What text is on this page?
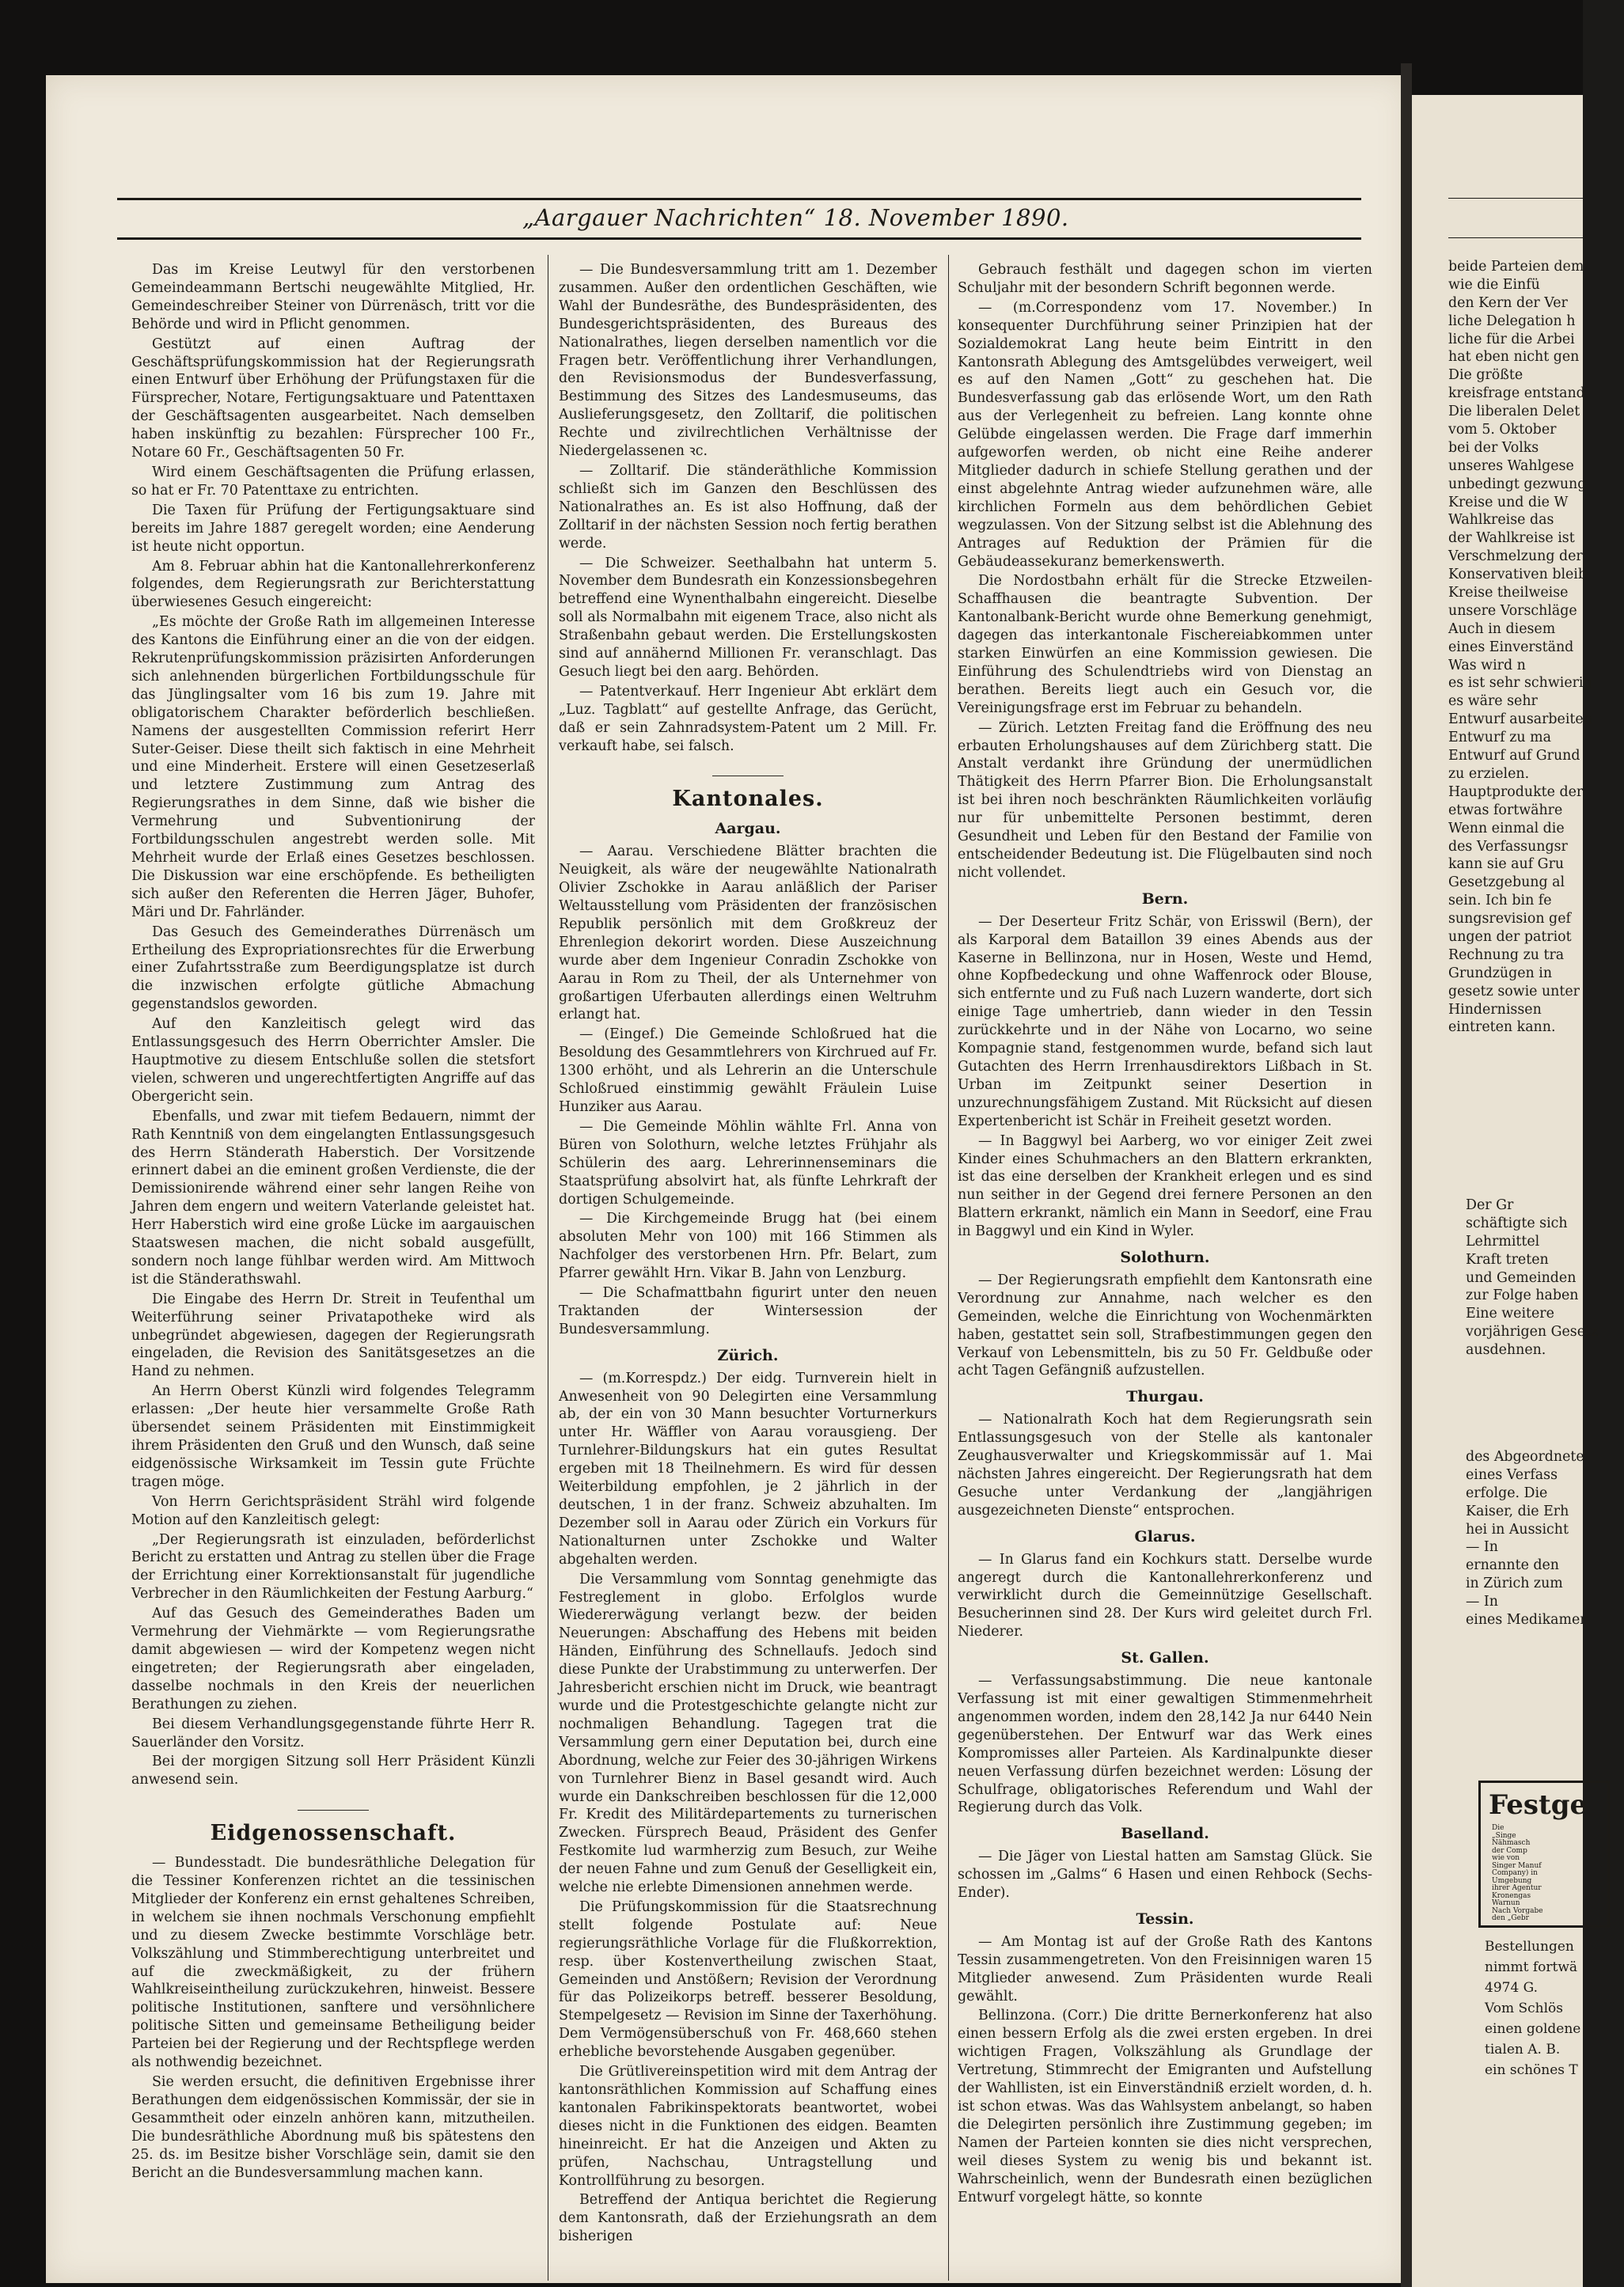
„Aargauer Nachrichten“ 18. November 1890.

Das im Kreise Leutwyl für den verstorbenen Gemeindeammann Bertschi neugewählte Mitglied, Hr. Gemeindeschreiber Steiner von Dürrenäsch, tritt vor die Behörde und wird in Pflicht genommen.

Gestützt auf einen Auftrag der Geschäftsprüfungskommission hat der Regierungsrath einen Entwurf über Erhöhung der Prüfungstaxen für die Fürsprecher, Notare, Fertigungsaktuare und Patenttaxen der Geschäftsagenten ausgearbeitet. Nach demselben haben inskünftig zu bezahlen: Fürsprecher 100 Fr., Notare 60 Fr., Geschäftsagenten 50 Fr.

Wird einem Geschäftsagenten die Prüfung erlassen, so hat er Fr. 70 Patenttaxe zu entrichten.

Die Taxen für Prüfung der Fertigungsaktuare sind bereits im Jahre 1887 geregelt worden; eine Aenderung ist heute nicht opportun.

Am 8. Februar abhin hat die Kantonallehrerkonferenz folgendes, dem Regierungsrath zur Berichterstattung überwiesenes Gesuch eingereicht:

„Es möchte der Große Rath im allgemeinen Interesse des Kantons die Einführung einer an die von der eidgen. Rekrutenprüfungskommission präzisirten Anforderungen sich anlehnenden bürgerlichen Fortbildungsschule für das Jünglingsalter vom 16 bis zum 19. Jahre mit obligatorischem Charakter beförderlich beschließen. Namens der ausgestellten Commission referirt Herr Suter-Geiser. Diese theilt sich faktisch in eine Mehrheit und eine Minderheit. Erstere will einen Gesetzeserlaß und letztere Zustimmung zum Antrag des Regierungsrathes in dem Sinne, daß wie bisher die Vermehrung und Subventionirung der Fortbildungsschulen angestrebt werden solle. Mit Mehrheit wurde der Erlaß eines Gesetzes beschlossen. Die Diskussion war eine erschöpfende. Es betheiligten sich außer den Referenten die Herren Jäger, Buhofer, Märi und Dr. Fahrländer.

Das Gesuch des Gemeinderathes Dürrenäsch um Ertheilung des Expropriationsrechtes für die Erwerbung einer Zufahrtsstraße zum Beerdigungsplatze ist durch die inzwischen erfolgte gütliche Abmachung gegenstandslos geworden.

Auf den Kanzleitisch gelegt wird das Entlassungsgesuch des Herrn Oberrichter Amsler. Die Hauptmotive zu diesem Entschluße sollen die stetsfort vielen, schweren und ungerechtfertigten Angriffe auf das Obergericht sein.

Ebenfalls, und zwar mit tiefem Bedauern, nimmt der Rath Kenntniß von dem eingelangten Entlassungsgesuch des Herrn Ständerath Haberstich. Der Vorsitzende erinnert dabei an die eminent großen Verdienste, die der Demissionirende während einer sehr langen Reihe von Jahren dem engern und weitern Vaterlande geleistet hat. Herr Haberstich wird eine große Lücke im aargauischen Staatswesen machen, die nicht sobald ausgefüllt, sondern noch lange fühlbar werden wird. Am Mittwoch ist die Ständerathswahl.

Die Eingabe des Herrn Dr. Streit in Teufenthal um Weiterführung seiner Privatapotheke wird als unbegründet abgewiesen, dagegen der Regierungsrath eingeladen, die Revision des Sanitätsgesetzes an die Hand zu nehmen.

An Herrn Oberst Künzli wird folgendes Telegramm erlassen: „Der heute hier versammelte Große Rath übersendet seinem Präsidenten mit Einstimmigkeit ihrem Präsidenten den Gruß und den Wunsch, daß seine eidgenössische Wirksamkeit im Tessin gute Früchte tragen möge.

Von Herrn Gerichtspräsident Strähl wird folgende Motion auf den Kanzleitisch gelegt:

„Der Regierungsrath ist einzuladen, beförderlichst Bericht zu erstatten und Antrag zu stellen über die Frage der Errichtung einer Korrektionsanstalt für jugendliche Verbrecher in den Räumlichkeiten der Festung Aarburg.“

Auf das Gesuch des Gemeinderathes Baden um Vermehrung der Viehmärkte — vom Regierungsrathe damit abgewiesen — wird der Kompetenz wegen nicht eingetreten; der Regierungsrath aber eingeladen, dasselbe nochmals in den Kreis der neuerlichen Berathungen zu ziehen.

Bei diesem Verhandlungsgegenstande führte Herr R. Sauerländer den Vorsitz.

Bei der morgigen Sitzung soll Herr Präsident Künzli anwesend sein.

Eidgenossenschaft.

— Bundesstadt. Die bundesräthliche Delegation für die Tessiner Konferenzen richtet an die tessinischen Mitglieder der Konferenz ein ernst gehaltenes Schreiben, in welchem sie ihnen nochmals Verschonung empfiehlt und zu diesem Zwecke bestimmte Vorschläge betr. Volkszählung und Stimmberechtigung unterbreitet und auf die zweckmäßigkeit, zu der frühern Wahlkreiseintheilung zurückzukehren, hinweist. Bessere politische Institutionen, sanftere und versöhnlichere politische Sitten und gemeinsame Betheiligung beider Parteien bei der Regierung und der Rechtspflege werden als nothwendig bezeichnet.

Sie werden ersucht, die definitiven Ergebnisse ihrer Berathungen dem eidgenössischen Kommissär, der sie in Gesammtheit oder einzeln anhören kann, mitzutheilen. Die bundesräthliche Abordnung muß bis spätestens den 25. ds. im Besitze bisher Vorschläge sein, damit sie den Bericht an die Bundesversammlung machen kann.

— Die Bundesversammlung tritt am 1. Dezember zusammen. Außer den ordentlichen Geschäften, wie Wahl der Bundesräthe, des Bundespräsidenten, des Bundesgerichtspräsidenten, des Bureaus des Nationalrathes, liegen derselben namentlich vor die Fragen betr. Veröffentlichung ihrer Verhandlungen, den Revisionsmodus der Bundesverfassung, Bestimmung des Sitzes des Landesmuseums, das Auslieferungsgesetz, den Zolltarif, die politischen Rechte und zivilrechtlichen Verhältnisse der Niedergelassenen ꝛc.

— Zolltarif. Die ständeräthliche Kommission schließt sich im Ganzen den Beschlüssen des Nationalrathes an. Es ist also Hoffnung, daß der Zolltarif in der nächsten Session noch fertig berathen werde.

— Die Schweizer. Seethalbahn hat unterm 5. November dem Bundesrath ein Konzessionsbegehren betreffend eine Wynenthalbahn eingereicht. Dieselbe soll als Normalbahn mit eigenem Trace, also nicht als Straßenbahn gebaut werden. Die Erstellungskosten sind auf annähernd Millionen Fr. veranschlagt. Das Gesuch liegt bei den aarg. Behörden.

— Patentverkauf. Herr Ingenieur Abt erklärt dem „Luz. Tagblatt“ auf gestellte Anfrage, das Gerücht, daß er sein Zahnradsystem-Patent um 2 Mill. Fr. verkauft habe, sei falsch.

Kantonales.
Aargau.

— Aarau. Verschiedene Blätter brachten die Neuigkeit, als wäre der neugewählte Nationalrath Olivier Zschokke in Aarau anläßlich der Pariser Weltausstellung vom Präsidenten der französischen Republik persönlich mit dem Großkreuz der Ehrenlegion dekorirt worden. Diese Auszeichnung wurde aber dem Ingenieur Conradin Zschokke von Aarau in Rom zu Theil, der als Unternehmer von großartigen Uferbauten allerdings einen Weltruhm erlangt hat.

— (Eingef.) Die Gemeinde Schloßrued hat die Besoldung des Gesammtlehrers von Kirchrued auf Fr. 1300 erhöht, und als Lehrerin an die Unterschule Schloßrued einstimmig gewählt Fräulein Luise Hunziker aus Aarau.

— Die Gemeinde Möhlin wählte Frl. Anna von Büren von Solothurn, welche letztes Frühjahr als Schülerin des aarg. Lehrerinnenseminars die Staatsprüfung absolvirt hat, als fünfte Lehrkraft der dortigen Schulgemeinde.

— Die Kirchgemeinde Brugg hat (bei einem absoluten Mehr von 100) mit 166 Stimmen als Nachfolger des verstorbenen Hrn. Pfr. Belart, zum Pfarrer gewählt Hrn. Vikar B. Jahn von Lenzburg.

— Die Schafmattbahn figurirt unter den neuen Traktanden der Wintersession der Bundesversammlung.

Zürich.

— (m.Korrespdz.) Der eidg. Turnverein hielt in Anwesenheit von 90 Delegirten eine Versammlung ab, der ein von 30 Mann besuchter Vorturnerkurs unter Hr. Wäffler von Aarau vorausgieng. Der Turnlehrer-Bildungskurs hat ein gutes Resultat ergeben mit 18 Theilnehmern. Es wird für dessen Weiterbildung empfohlen, je 2 jährlich in der deutschen, 1 in der franz. Schweiz abzuhalten. Im Dezember soll in Aarau oder Zürich ein Vorkurs für Nationalturnen unter Zschokke und Walter abgehalten werden.

Die Versammlung vom Sonntag genehmigte das Festreglement in globo. Erfolglos wurde Wiedererwägung verlangt bezw. der beiden Neuerungen: Abschaffung des Hebens mit beiden Händen, Einführung des Schnellaufs. Jedoch sind diese Punkte der Urabstimmung zu unterwerfen. Der Jahresbericht erschien nicht im Druck, wie beantragt wurde und die Protestgeschichte gelangte nicht zur nochmaligen Behandlung. Tagegen trat die Versammlung gern einer Deputation bei, durch eine Abordnung, welche zur Feier des 30-jährigen Wirkens von Turnlehrer Bienz in Basel gesandt wird. Auch wurde ein Dankschreiben beschlossen für die 12,000 Fr. Kredit des Militärdepartements zu turnerischen Zwecken. Fürsprech Beaud, Präsident des Genfer Festkomite lud warmherzig zum Besuch, zur Weihe der neuen Fahne und zum Genuß der Geselligkeit ein, welche nie erlebte Dimensionen annehmen werde.

Die Prüfungskommission für die Staatsrechnung stellt folgende Postulate auf: Neue regierungsräthliche Vorlage für die Flußkorrektion, resp. über Kostenvertheilung zwischen Staat, Gemeinden und Anstößern; Revision der Verordnung für das Polizeikorps betreff. besserer Besoldung, Stempelgesetz — Revision im Sinne der Taxerhöhung. Dem Vermögensüberschuß von Fr. 468,660 stehen erhebliche bevorstehende Ausgaben gegenüber.

Die Grütlivereinspetition wird mit dem Antrag der kantonsräthlichen Kommission auf Schaffung eines kantonalen Fabrikinspektorats beantwortet, wobei dieses nicht in die Funktionen des eidgen. Beamten hineinreicht. Er hat die Anzeigen und Akten zu prüfen, Nachschau, Untragstellung und Kontrollführung zu besorgen.

Betreffend der Antiqua berichtet die Regierung dem Kantonsrath, daß der Erziehungsrath an dem bisherigen

Gebrauch festhält und dagegen schon im vierten Schuljahr mit der besondern Schrift begonnen werde.

— (m.Correspondenz vom 17. November.) In konsequenter Durchführung seiner Prinzipien hat der Sozialdemokrat Lang heute beim Eintritt in den Kantonsrath Ablegung des Amtsgelübdes verweigert, weil es auf den Namen „Gott“ zu geschehen hat. Die Bundesverfassung gab das erlösende Wort, um den Rath aus der Verlegenheit zu befreien. Lang konnte ohne Gelübde eingelassen werden. Die Frage darf immerhin aufgeworfen werden, ob nicht eine Reihe anderer Mitglieder dadurch in schiefe Stellung gerathen und der einst abgelehnte Antrag wieder aufzunehmen wäre, alle kirchlichen Formeln aus dem behördlichen Gebiet wegzulassen. Von der Sitzung selbst ist die Ablehnung des Antrages auf Reduktion der Prämien für die Gebäudeassekuranz bemerkenswerth.

Die Nordostbahn erhält für die Strecke Etzweilen-Schaffhausen die beantragte Subvention. Der Kantonalbank-Bericht wurde ohne Bemerkung genehmigt, dagegen das interkantonale Fischereiabkommen unter starken Einwürfen an eine Kommission gewiesen. Die Einführung des Schulendtriebs wird von Dienstag an berathen. Bereits liegt auch ein Gesuch vor, die Vereinigungsfrage erst im Februar zu behandeln.

— Zürich. Letzten Freitag fand die Eröffnung des neu erbauten Erholungshauses auf dem Zürichberg statt. Die Anstalt verdankt ihre Gründung der unermüdlichen Thätigkeit des Herrn Pfarrer Bion. Die Erholungsanstalt ist bei ihren noch beschränkten Räumlichkeiten vorläufig nur für unbemittelte Personen bestimmt, deren Gesundheit und Leben für den Bestand der Familie von entscheidender Bedeutung ist. Die Flügelbauten sind noch nicht vollendet.

Bern.

— Der Deserteur Fritz Schär, von Erisswil (Bern), der als Karporal dem Bataillon 39 eines Abends aus der Kaserne in Bellinzona, nur in Hosen, Weste und Hemd, ohne Kopfbedeckung und ohne Waffenrock oder Blouse, sich entfernte und zu Fuß nach Luzern wanderte, dort sich einige Tage umhertrieb, dann wieder in den Tessin zurückkehrte und in der Nähe von Locarno, wo seine Kompagnie stand, festgenommen wurde, befand sich laut Gutachten des Herrn Irrenhausdirektors Lißbach in St. Urban im Zeitpunkt seiner Desertion in unzurechnungsfähigem Zustand. Mit Rücksicht auf diesen Expertenbericht ist Schär in Freiheit gesetzt worden.

— In Baggwyl bei Aarberg, wo vor einiger Zeit zwei Kinder eines Schuhmachers an den Blattern erkrankten, ist das eine derselben der Krankheit erlegen und es sind nun seither in der Gegend drei fernere Personen an den Blattern erkrankt, nämlich ein Mann in Seedorf, eine Frau in Baggwyl und ein Kind in Wyler.

Solothurn.

— Der Regierungsrath empfiehlt dem Kantonsrath eine Verordnung zur Annahme, nach welcher es den Gemeinden, welche die Einrichtung von Wochenmärkten haben, gestattet sein soll, Strafbestimmungen gegen den Verkauf von Lebensmitteln, bis zu 50 Fr. Geldbuße oder acht Tagen Gefängniß aufzustellen.

Thurgau.

— Nationalrath Koch hat dem Regierungsrath sein Entlassungsgesuch von der Stelle als kantonaler Zeughausverwalter und Kriegskommissär auf 1. Mai nächsten Jahres eingereicht. Der Regierungsrath hat dem Gesuche unter Verdankung der „langjährigen ausgezeichneten Dienste“ entsprochen.

Glarus.

— In Glarus fand ein Kochkurs statt. Derselbe wurde angeregt durch die Kantonallehrerkonferenz und verwirklicht durch die Gemeinnützige Gesellschaft. Besucherinnen sind 28. Der Kurs wird geleitet durch Frl. Niederer.

St. Gallen.

— Verfassungsabstimmung. Die neue kantonale Verfassung ist mit einer gewaltigen Stimmenmehrheit angenommen worden, indem den 28,142 Ja nur 6440 Nein gegenüberstehen. Der Entwurf war das Werk eines Kompromisses aller Parteien. Als Kardinalpunkte dieser neuen Verfassung dürfen bezeichnet werden: Lösung der Schulfrage, obligatorisches Referendum und Wahl der Regierung durch das Volk.

Baselland.

— Die Jäger von Liestal hatten am Samstag Glück. Sie schossen im „Galms“ 6 Hasen und einen Rehbock (Sechs-Ender).

Tessin.

— Am Montag ist auf der Große Rath des Kantons Tessin zusammengetreten. Von den Freisinnigen waren 15 Mitglieder anwesend. Zum Präsidenten wurde Reali gewählt.

Bellinzona. (Corr.) Die dritte Bernerkonferenz hat also einen bessern Erfolg als die zwei ersten ergeben. In drei wichtigen Fragen, Volkszählung als Grundlage der Vertretung, Stimmrecht der Emigranten und Aufstellung der Wahllisten, ist ein Einverständniß erzielt worden, d. h. ist schon etwas. Was das Wahlsystem anbelangt, so haben die Delegirten persönlich ihre Zustimmung gegeben; im Namen der Parteien konnten sie dies nicht versprechen, weil dieses System zu wenig bis und bekannt ist. Wahrscheinlich, wenn der Bundesrath einen bezüglichen Entwurf vorgelegt hätte, so konnte

beide Parteien dem
wie die Einfü
den Kern der Ver
liche Delegation h
liche für die Arbei
hat eben nicht gen
Die größte
kreisfrage entstand
Die liberalen Delet
vom 5. Oktober
bei der Volks
unseres Wahlgese
unbedingt gezwung
Kreise und die W
Wahlkreise das
der Wahlkreise ist
Verschmelzung der
Konservativen bleib
Kreise theilweise
unsere Vorschläge
Auch in diesem
eines Einverständ
Was wird n
es ist sehr schwierig
es wäre sehr
Entwurf ausarbeiten
Entwurf zu ma
Entwurf auf Grund
zu erzielen.
Hauptprodukte der
etwas fortwähre
Wenn einmal die
des Verfassungsr
kann sie auf Gru
Gesetzgebung al
sein. Ich bin fe
sungsrevision gef
ungen der patriot
Rechnung zu tra
Grundzügen in
gesetz sowie unter
Hindernissen
eintreten kann.
Der Gr
schäftigte sich
Lehrmittel
Kraft treten
und Gemeinden
zur Folge haben
Eine weitere
vorjährigen Gesetz
ausdehnen.
des Abgeordnete
eines Verfass
erfolge. Die
Kaiser, die Erh
hei in Aussicht
— In
ernannte den
in Zürich zum
— In
eines Medikamen
Festge
Die
„Singe
Nähmasch
der Comp
wie von
Singer Manuf
Company) in
Umgebung
ihrer Agentur
Kronengas
Warnun
Nach Vorgabe
den „Gebr
Bestellungen
nimmt fortwä
4974 G.
Vom Schlös
einen goldene
tialen A. B.
ein schönes T
